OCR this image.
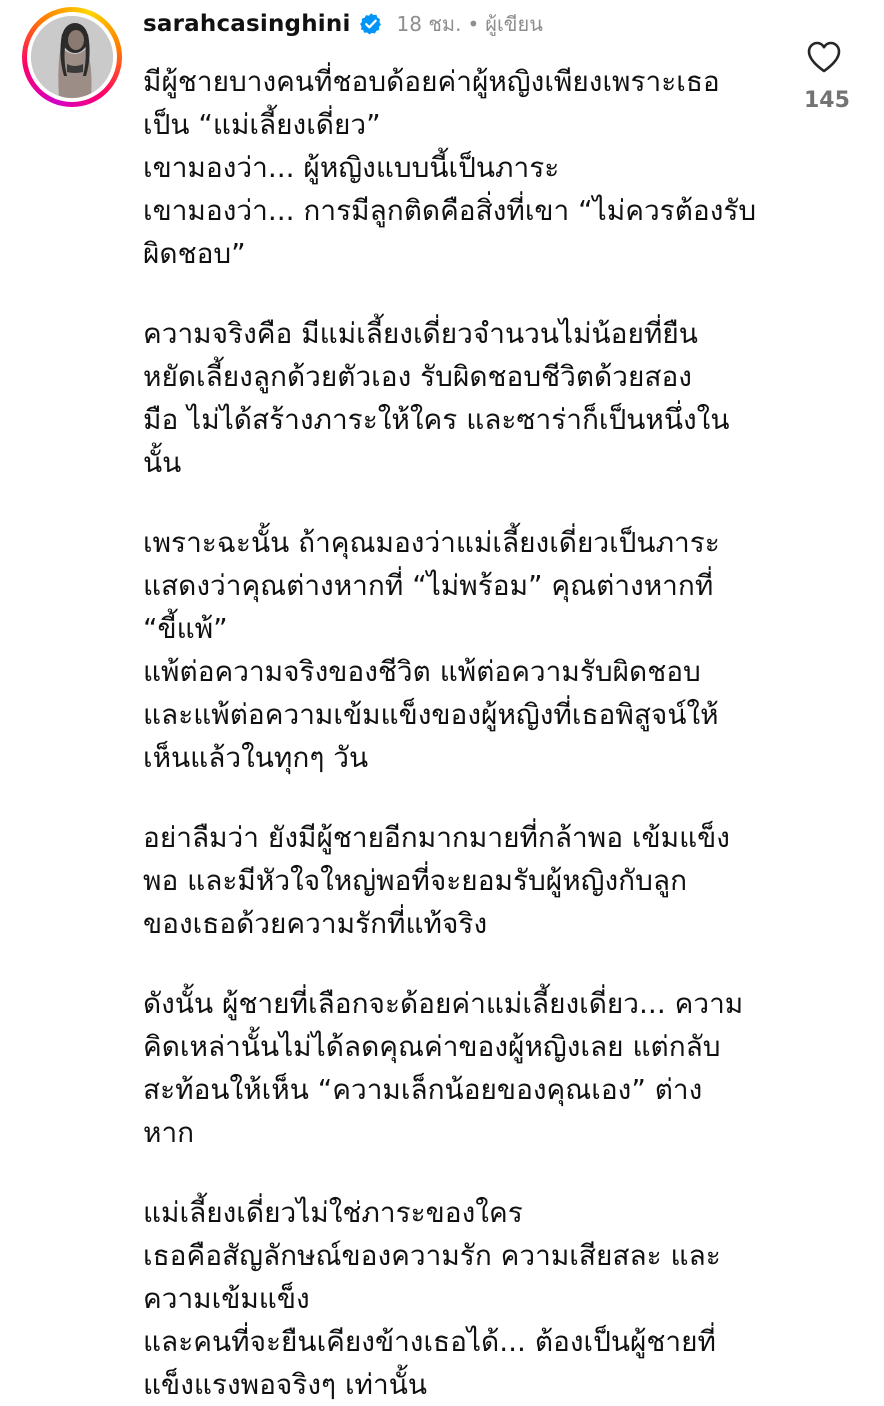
sarahcasinghini 18 ชม. • ผู้เขียน
145
มีผู้ชายบางคนที่ชอบด้อยค่าผู้หญิงเพียงเพราะเธอ
เป็น “แม่เลี้ยงเดี่ยว”
เขามองว่า... ผู้หญิงแบบนี้เป็นภาระ
เขามองว่า... การมีลูกติดคือสิ่งที่เขา “ไม่ควรต้องรับ
ผิดชอบ”
ความจริงคือ มีแม่เลี้ยงเดี่ยวจำนวนไม่น้อยที่ยืน
หยัดเลี้ยงลูกด้วยตัวเอง รับผิดชอบชีวิตด้วยสอง
มือ ไม่ได้สร้างภาระให้ใคร และซาร่าก็เป็นหนึ่งใน
นั้น
เพราะฉะนั้น ถ้าคุณมองว่าแม่เลี้ยงเดี่ยวเป็นภาระ
แสดงว่าคุณต่างหากที่ “ไม่พร้อม” คุณต่างหากที่
“ขี้แพ้”
แพ้ต่อความจริงของชีวิต แพ้ต่อความรับผิดชอบ
และแพ้ต่อความเข้มแข็งของผู้หญิงที่เธอพิสูจน์ให้
เห็นแล้วในทุกๆ วัน
อย่าลืมว่า ยังมีผู้ชายอีกมากมายที่กล้าพอ เข้มแข็ง
พอ และมีหัวใจใหญ่พอที่จะยอมรับผู้หญิงกับลูก
ของเธอด้วยความรักที่แท้จริง
ดังนั้น ผู้ชายที่เลือกจะด้อยค่าแม่เลี้ยงเดี่ยว... ความ
คิดเหล่านั้นไม่ได้ลดคุณค่าของผู้หญิงเลย แต่กลับ
สะท้อนให้เห็น “ความเล็กน้อยของคุณเอง” ต่าง
หาก
แม่เลี้ยงเดี่ยวไม่ใช่ภาระของใคร
เธอคือสัญลักษณ์ของความรัก ความเสียสละ และ
ความเข้มแข็ง
และคนที่จะยืนเคียงข้างเธอได้... ต้องเป็นผู้ชายที่
แข็งแรงพอจริงๆ เท่านั้น
